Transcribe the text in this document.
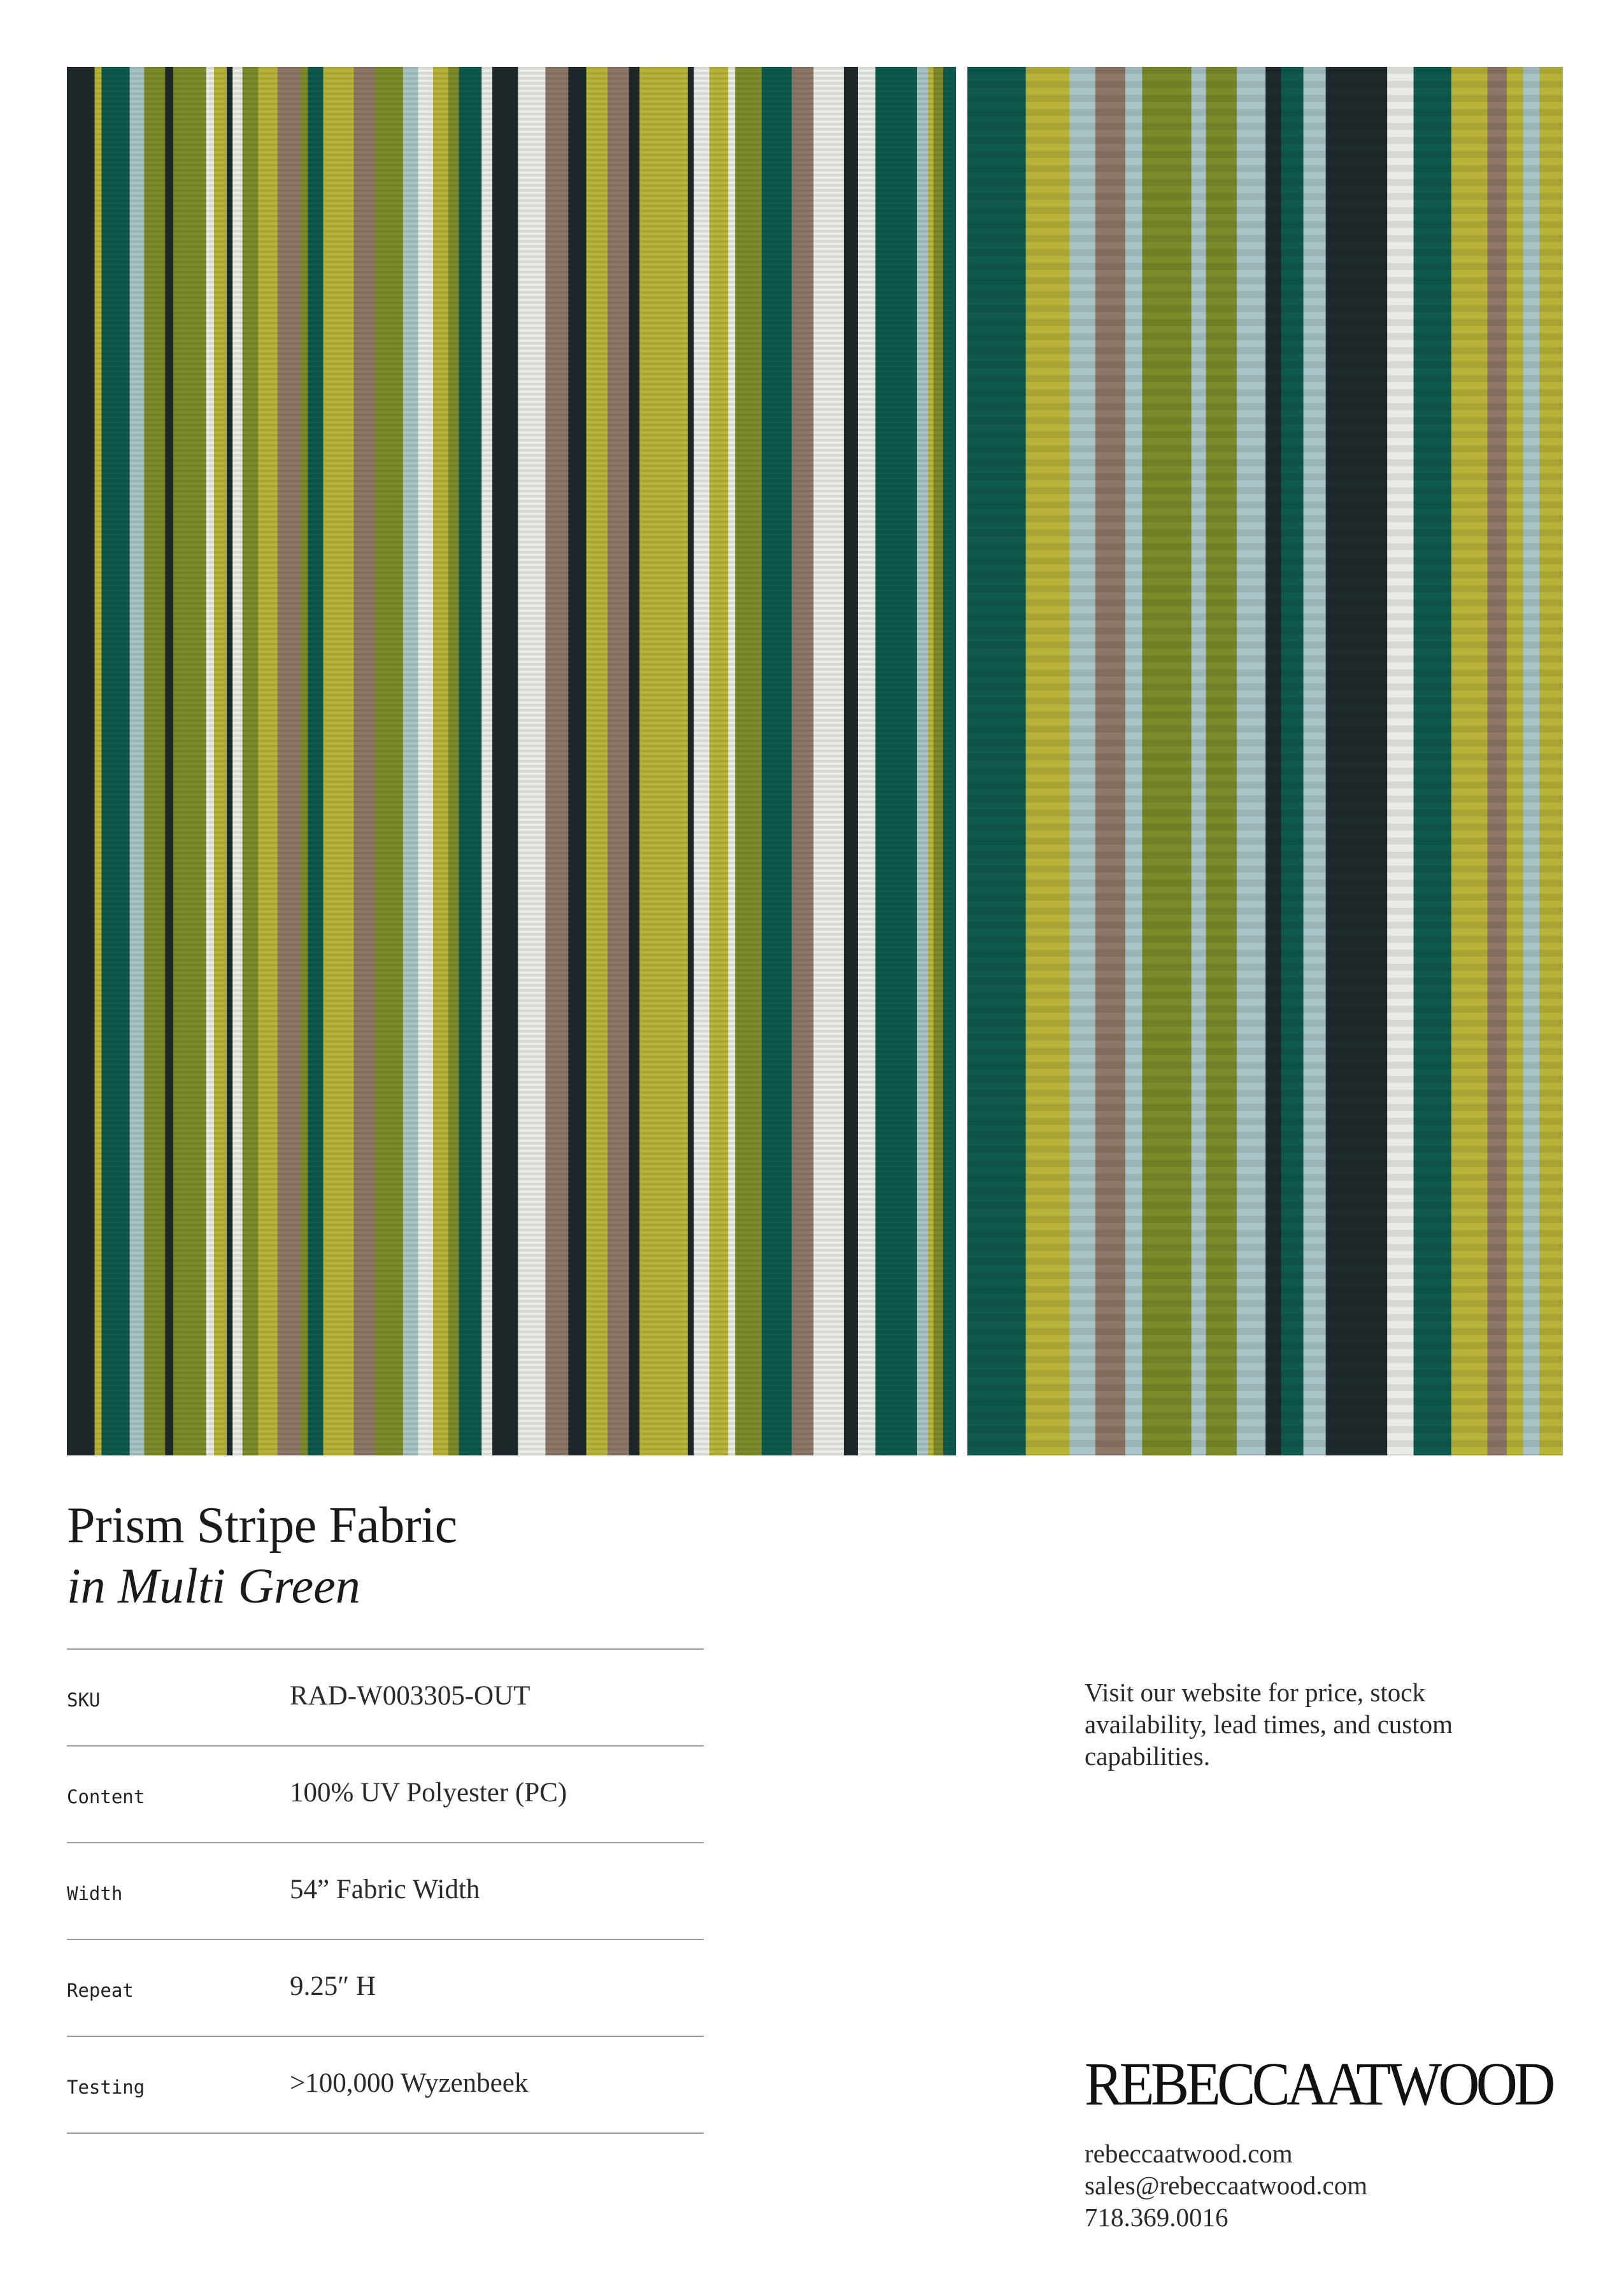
Prism Stripe Fabric
in Multi Green
SKU	RAD-W003305-OUT
Content	100% UV Polyester (PC)
Width	54” Fabric Width
Repeat	9.25″ H
Testing	>100,000 Wyzenbeek
Visit our website for price, stock availability, lead times, and custom capabilities.
REBECCAATWOOD
rebeccaatwood.com
sales@rebeccaatwood.com
718.369.0016
